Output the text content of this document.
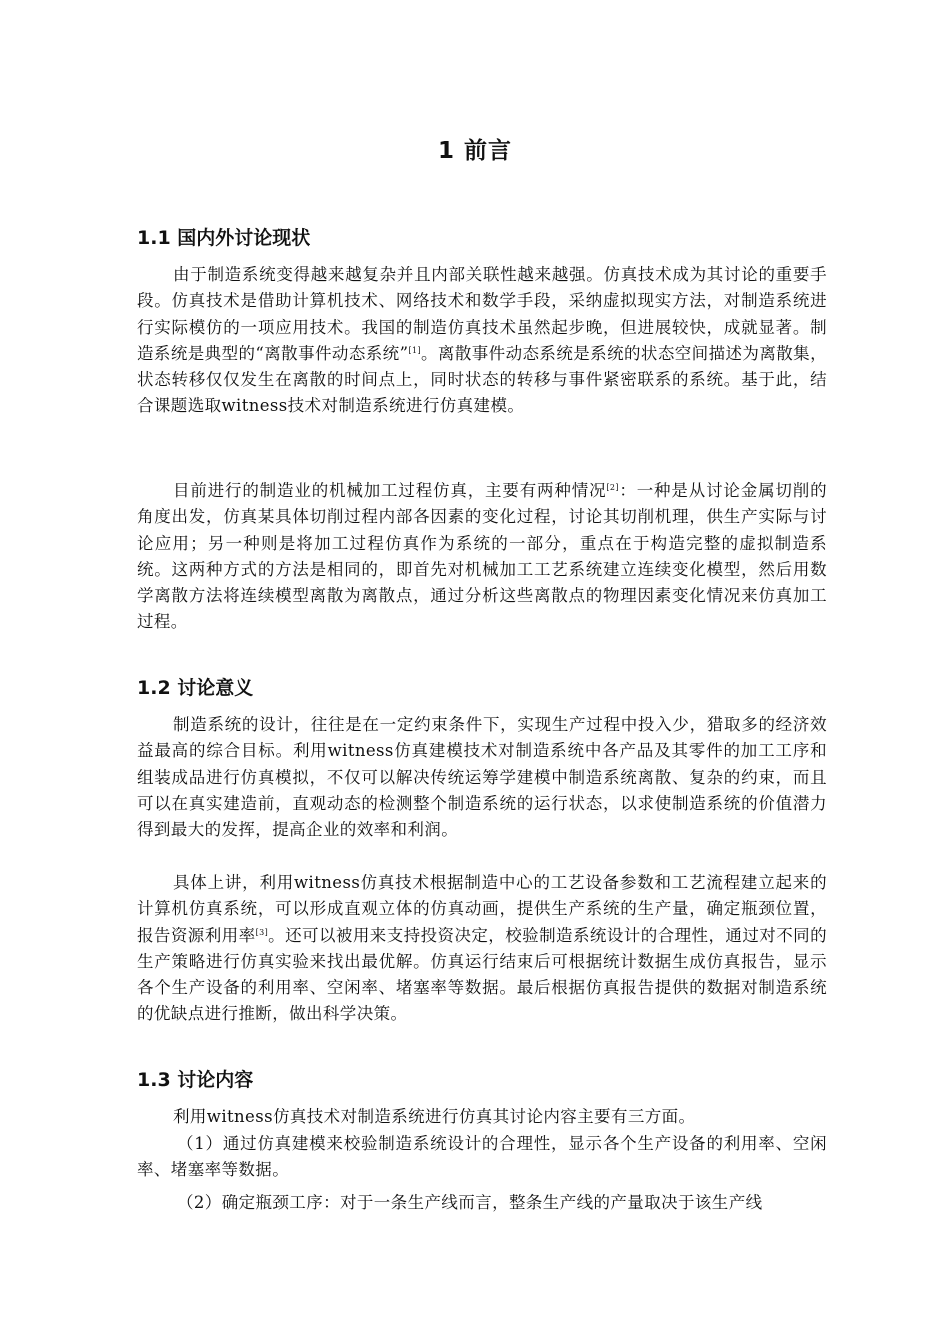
1 前言
1.1 国内外讨论现状

由于制造系统变得越来越复杂并且内部关联性越来越强。仿真技术成为其讨论的重要手段。仿真技术是借助计算机技术、网络技术和数学手段，采纳虚拟现实方法，对制造系统进行实际模仿的一项应用技术。我国的制造仿真技术虽然起步晚，但进展较快，成就显著。制造系统是典型的“离散事件动态系统”[1]。离散事件动态系统是系统的状态空间描述为离散集，状态转移仅仅发生在离散的时间点上，同时状态的转移与事件紧密联系的系统。基于此，结合课题选取witness技术对制造系统进行仿真建模。

目前进行的制造业的机械加工过程仿真，主要有两种情况[2]：一种是从讨论金属切削的角度出发，仿真某具体切削过程内部各因素的变化过程，讨论其切削机理，供生产实际与讨论应用；另一种则是将加工过程仿真作为系统的一部分，重点在于构造完整的虚拟制造系统。这两种方式的方法是相同的，即首先对机械加工工艺系统建立连续变化模型，然后用数学离散方法将连续模型离散为离散点，通过分析这些离散点的物理因素变化情况来仿真加工过程。

1.2 讨论意义

制造系统的设计，往往是在一定约束条件下，实现生产过程中投入少，猎取多的经济效益最高的综合目标。利用witness仿真建模技术对制造系统中各产品及其零件的加工工序和组装成品进行仿真模拟，不仅可以解决传统运筹学建模中制造系统离散、复杂的约束，而且可以在真实建造前，直观动态的检测整个制造系统的运行状态，以求使制造系统的价值潜力得到最大的发挥，提高企业的效率和利润。

具体上讲，利用witness仿真技术根据制造中心的工艺设备参数和工艺流程建立起来的计算机仿真系统，可以形成直观立体的仿真动画，提供生产系统的生产量，确定瓶颈位置，报告资源利用率[3]。还可以被用来支持投资决定，校验制造系统设计的合理性，通过对不同的生产策略进行仿真实验来找出最优解。仿真运行结束后可根据统计数据生成仿真报告，显示各个生产设备的利用率、空闲率、堵塞率等数据。最后根据仿真报告提供的数据对制造系统的优缺点进行推断，做出科学决策。

1.3 讨论内容

利用witness仿真技术对制造系统进行仿真其讨论内容主要有三方面。

（1）通过仿真建模来校验制造系统设计的合理性，显示各个生产设备的利用率、空闲率、堵塞率等数据。

（2）确定瓶颈工序：对于一条生产线而言，整条生产线的产量取决于该生产线
